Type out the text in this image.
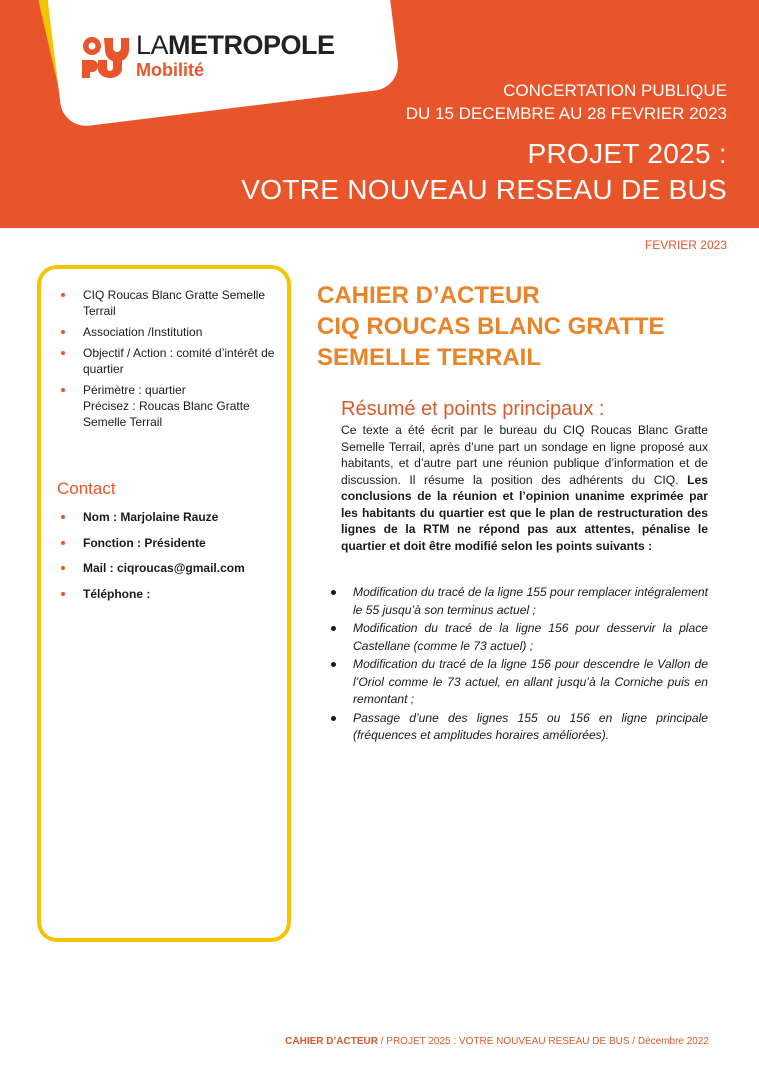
LAMETROPOLE
Mobilité
CONCERTATION PUBLIQUE
DU 15 DECEMBRE AU 28 FEVRIER 2023
PROJET 2025 :
VOTRE NOUVEAU RESEAU DE BUS
FEVRIER 2023
CIQ Roucas Blanc Gratte Semelle Terrail
Association /Institution
Objectif / Action : comité d’intérêt de quartier
Périmètre : quartier
Précisez : Roucas Blanc Gratte Semelle Terrail
Contact
Nom : Marjolaine Rauze
Fonction : Présidente
Mail : ciqroucas@gmail.com
Téléphone :
CAHIER D’ACTEUR
CIQ ROUCAS BLANC GRATTE
SEMELLE TERRAIL
Résumé et points principaux :
Ce texte a été écrit par le bureau du CIQ Roucas Blanc Gratte Semelle Terrail, après d’une part un sondage en ligne proposé aux habitants, et d’autre part une réunion publique d’information et de discussion. Il résume la position des adhérents du CIQ. Les conclusions de la réunion et l’opinion unanime exprimée par les habitants du quartier est que le plan de restructuration des lignes de la RTM ne répond pas aux attentes, pénalise le quartier et doit être modifié selon les points suivants :
Modification du tracé de la ligne 155 pour remplacer intégralement le 55 jusqu’à son terminus actuel ;
Modification du tracé de la ligne 156 pour desservir la place Castellane (comme le 73 actuel) ;
Modification du tracé de la ligne 156 pour descendre le Vallon de l’Oriol comme le 73 actuel, en allant jusqu’à la Corniche puis en remontant ;
Passage d’une des lignes 155 ou 156 en ligne principale (fréquences et amplitudes horaires améliorées).
CAHIER D’ACTEUR / PROJET 2025 : VOTRE NOUVEAU RESEAU DE BUS / Décembre 2022
